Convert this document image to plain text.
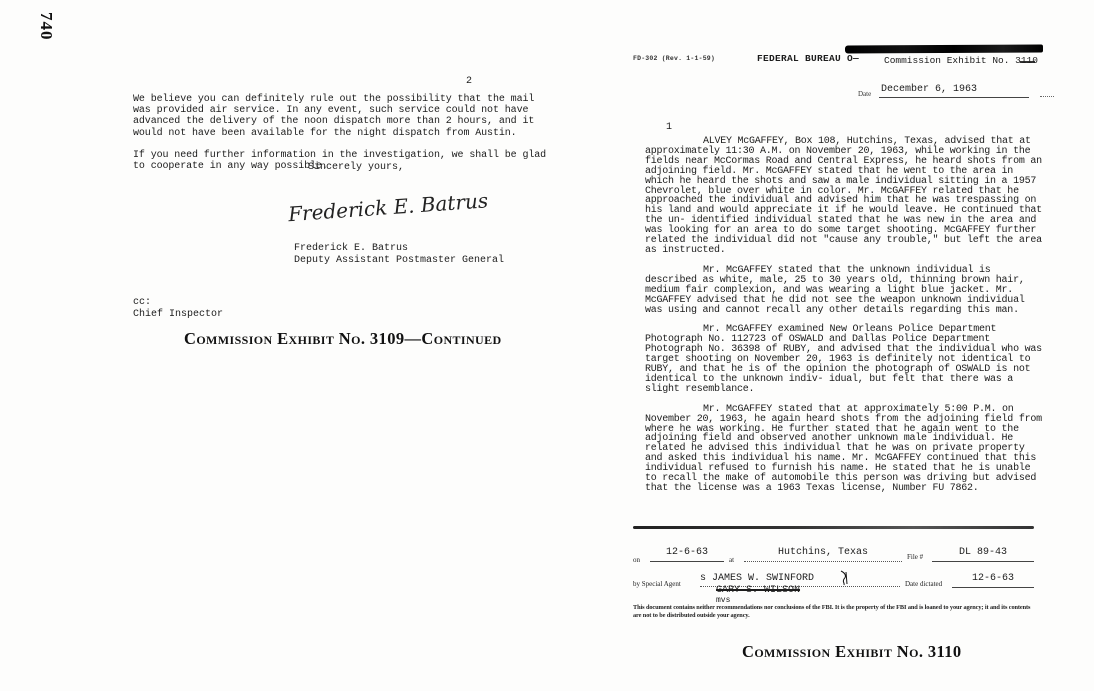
740
2

We believe you can definitely rule out the possibility that the mail was provided air service. In any event, such service could not have advanced the delivery of the noon dispatch more than 2 hours, and it would not have been available for the night dispatch from Austin.

If you need further information in the investigation, we shall be glad to cooperate in any way possible.

Sincerely yours,
Frederick E. Batrus
Frederick E. Batrus
Deputy Assistant Postmaster General
cc:
Chief Inspector
Commission Exhibit No. 3109—Continued
FD-302 (Rev. 1-1-59)	FEDERAL BUREAU O—	Commission Exhibit No. 3110
Date December 6, 1963
1

ALVEY McGAFFEY, Box 108, Hutchins, Texas, advised that at approximately 11:30 A.M. on November 20, 1963, while working in the fields near McCormas Road and Central Express, he heard shots from an adjoining field. Mr. McGAFFEY stated that he went to the area in which he heard the shots and saw a male individual sitting in a 1957 Chevrolet, blue over white in color. Mr. McGAFFEY related that he approached the individual and advised him that he was trespassing on his land and would appreciate it if he would leave. He continued that the un- identified individual stated that he was new in the area and was looking for an area to do some target shooting. McGAFFEY further related the individual did not "cause any trouble," but left the area as instructed.

Mr. McGAFFEY stated that the unknown individual is described as white, male, 25 to 30 years old, thinning brown hair, medium fair complexion, and was wearing a light blue jacket. Mr. McGAFFEY advised that he did not see the weapon unknown individual was using and cannot recall any other details regarding this man.

Mr. McGAFFEY examined New Orleans Police Department Photograph No. 112723 of OSWALD and Dallas Police Department Photograph No. 36398 of RUBY, and advised that the individual who was target shooting on November 20, 1963 is definitely not identical to RUBY, and that he is of the opinion the photograph of OSWALD is not identical to the unknown indiv- idual, but felt that there was a slight resemblance.

Mr. McGAFFEY stated that at approximately 5:00 P.M. on November 20, 1963, he again heard shots from the adjoining field from where he was working. He further stated that he again went to the adjoining field and observed another unknown male individual. He related he advised this individual that he was on private property and asked this individual his name. Mr. McGAFFEY continued that this individual refused to furnish his name. He stated that he is unable to recall the make of automobile this person was driving but advised that the license was a 1963 Texas license, Number FU 7862.

on
12-6-63
at
Hutchins, Texas	File #	DL 89-43
by Special Agent s JAMES W. SWINFORD
GARY S. WILSON
mvs
Date dictated	12-6-63
This document contains neither recommendations nor conclusions of the FBI. It is the property of the FBI and is loaned to your agency; it and its contents are not to be distributed outside your agency.
Commission Exhibit No. 3110
